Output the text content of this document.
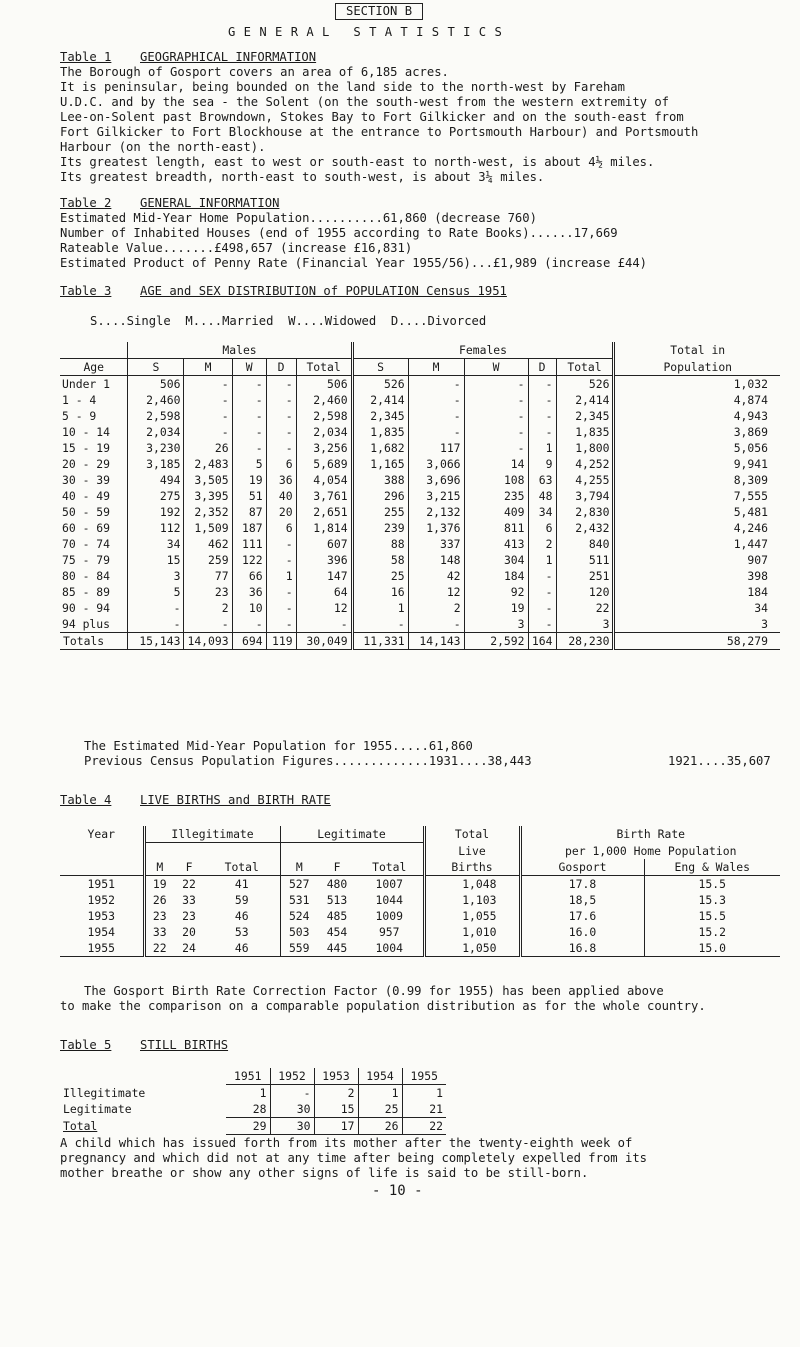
SECTION B
G E N E R A L   S T A T I S T I C S
Table 1 GEOGRAPHICAL INFORMATION

The Borough of Gosport covers an area of 6,185 acres.

It is peninsular, being bounded on the land side to the north-west by Fareham

U.D.C. and by the sea - the Solent (on the south-west from the western extremity of

Lee-on-Solent past Browndown, Stokes Bay to Fort Gilkicker and on the south-east from

Fort Gilkicker to Fort Blockhouse at the entrance to Portsmouth Harbour) and Portsmouth

Harbour (on the north-east).

Its greatest length, east to west or south-east to north-west, is about 4½ miles.

Its greatest breadth, north-east to south-west, is about 3¼ miles.

Table 2 GENERAL INFORMATION

Estimated Mid-Year Home Population..........61,860 (decrease 760)

Number of Inhabited Houses (end of 1955 according to Rate Books)......17,669

Rateable Value.......£498,657 (increase £16,831)

Estimated Product of Penny Rate (Financial Year 1955/56)...£1,989 (increase £44)

Table 3 AGE and SEX DISTRIBUTION of POPULATION Census 1951
S....Single  M....Married  W....Widowed  D....Divorced
	Males					Females					Total in
Age	S	M	W	D	Total	S	M	W	D	Total	Population
Under 1	506	-	-	-	506	526	-	-	-	526	1,032
1 - 4	2,460	-	-	-	2,460	2,414	-	-	-	2,414	4,874
5 - 9	2,598	-	-	-	2,598	2,345	-	-	-	2,345	4,943
10 - 14	2,034	-	-	-	2,034	1,835	-	-	-	1,835	3,869
15 - 19	3,230	26	-	-	3,256	1,682	117	-	1	1,800	5,056
20 - 29	3,185	2,483	5	6	5,689	1,165	3,066	14	9	4,252	9,941
30 - 39	494	3,505	19	36	4,054	388	3,696	108	63	4,255	8,309
40 - 49	275	3,395	51	40	3,761	296	3,215	235	48	3,794	7,555
50 - 59	192	2,352	87	20	2,651	255	2,132	409	34	2,830	5,481
60 - 69	112	1,509	187	6	1,814	239	1,376	811	6	2,432	4,246
70 - 74	34	462	111	-	607	88	337	413	2	840	1,447
75 - 79	15	259	122	-	396	58	148	304	1	511	907
80 - 84	3	77	66	1	147	25	42	184	-	251	398
85 - 89	5	23	36	-	64	16	12	92	-	120	184
90 - 94	-	2	10	-	12	1	2	19	-	22	34
94 plus	-	-	-	-	-	-	-	3	-	3	3
Totals	15,143	14,093	694	119	30,049	11,331	14,143	2,592	164	28,230	58,279
The Estimated Mid-Year Population for 1955.....61,860
Previous Census Population Figures.............1931....38,443	1921....35,607
Table 4 LIVE BIRTHS and BIRTH RATE
Year	Illegitimate			Legitimate			Total	Birth Rate	
							Live	per 1,000 Home Population	
	M	F	Total	M	F	Total	Births	Gosport	Eng & Wales
1951	19	22	41	527	480	1007	1,048	17.8	15.5
1952	26	33	59	531	513	1044	1,103	18,5	15.3
1953	23	23	46	524	485	1009	1,055	17.6	15.5
1954	33	20	53	503	454	957	1,010	16.0	15.2
1955	22	24	46	559	445	1004	1,050	16.8	15.0
The Gosport Birth Rate Correction Factor (0.99 for 1955) has been applied above
to make the comparison on a comparable population distribution as for the whole country.
Table 5 STILL BIRTHS
	1951	1952	1953	1954	1955
Illegitimate	1	-	2	1	1
Legitimate	28	30	15	25	21
Total	29	30	17	26	22

A child which has issued forth from its mother after the twenty-eighth week of

pregnancy and which did not at any time after being completely expelled from its

mother breathe or show any other signs of life is said to be still-born.

- 10 -
